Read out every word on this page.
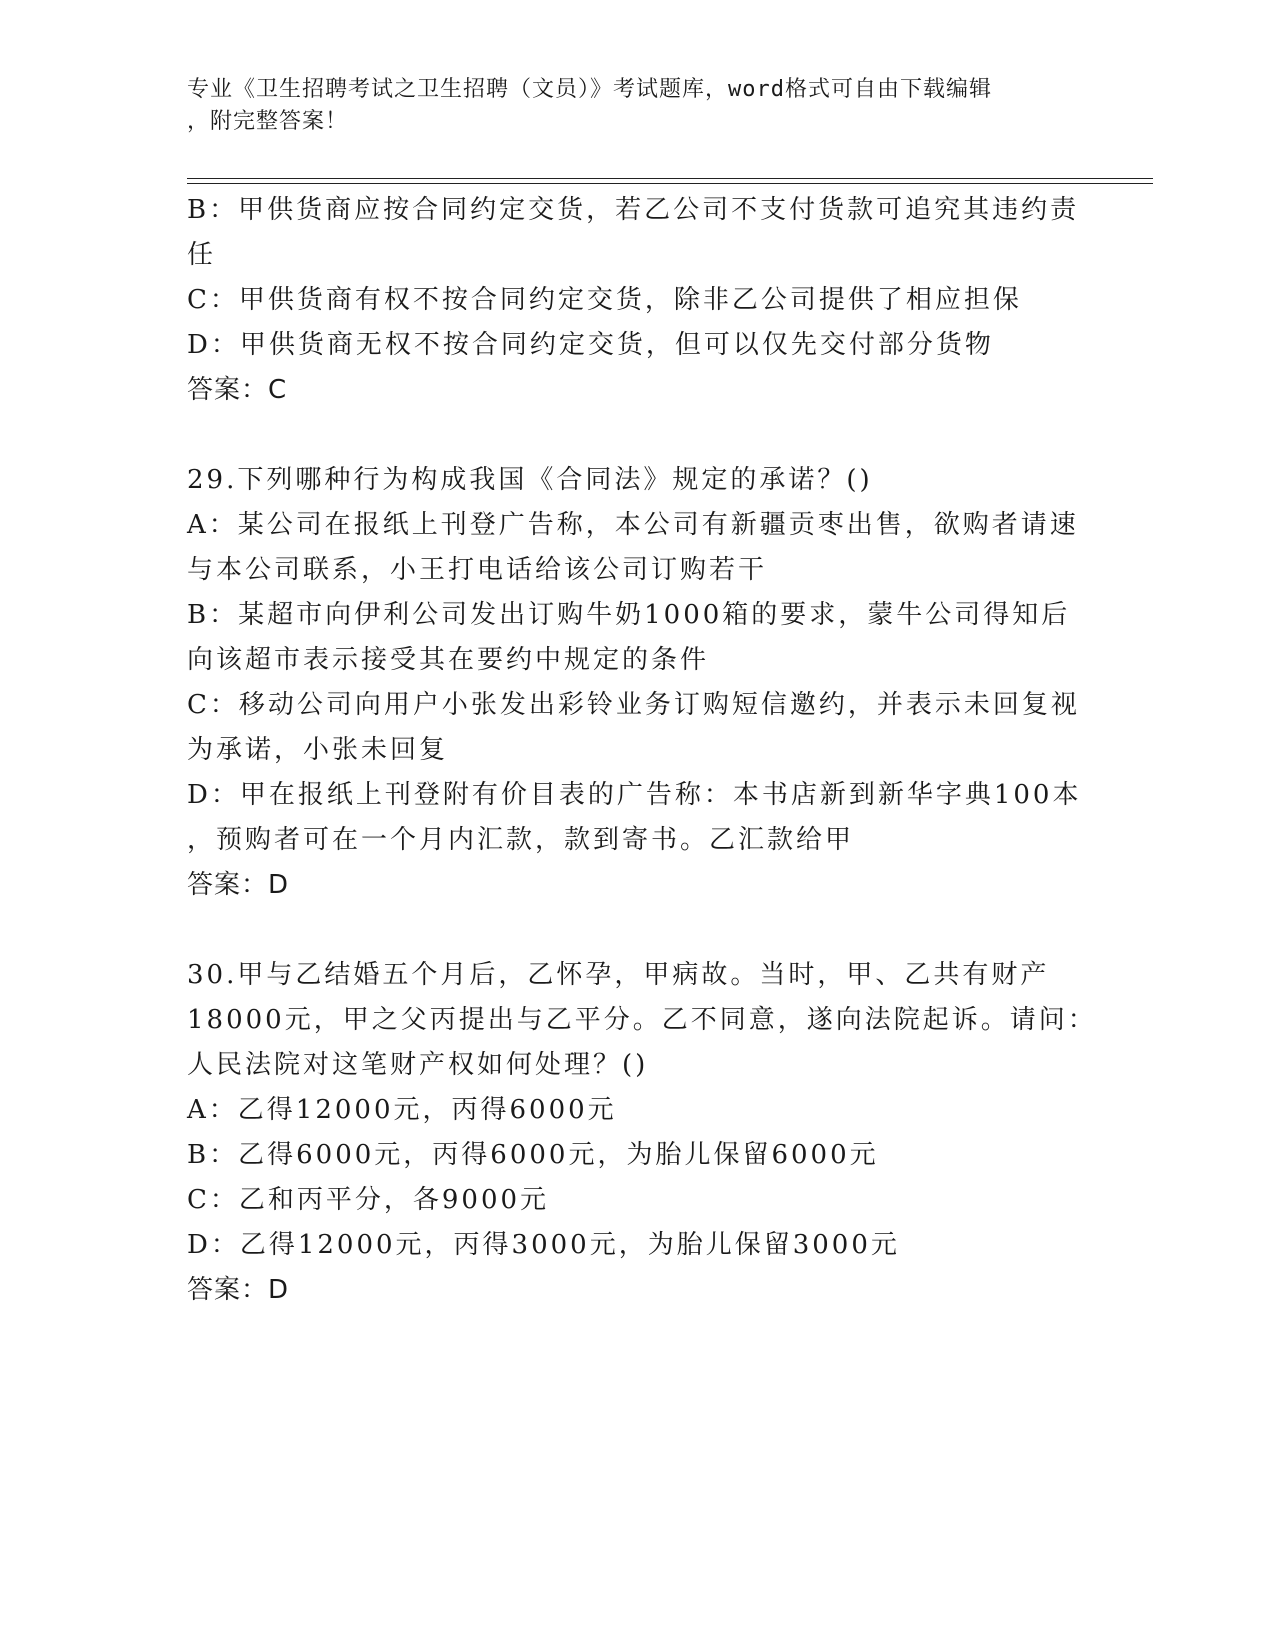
专业《卫生招聘考试之卫生招聘（文员）》考试题库，word格式可自由下载编辑
，附完整答案！
B：甲供货商应按合同约定交货，若乙公司不支付货款可追究其违约责
任
C：甲供货商有权不按合同约定交货，除非乙公司提供了相应担保
D：甲供货商无权不按合同约定交货，但可以仅先交付部分货物
答案：C
29.下列哪种行为构成我国《合同法》规定的承诺？()
A：某公司在报纸上刊登广告称，本公司有新疆贡枣出售，欲购者请速
与本公司联系，小王打电话给该公司订购若干
B：某超市向伊利公司发出订购牛奶1000箱的要求，蒙牛公司得知后
向该超市表示接受其在要约中规定的条件
C：移动公司向用户小张发出彩铃业务订购短信邀约，并表示未回复视
为承诺，小张未回复
D：甲在报纸上刊登附有价目表的广告称：本书店新到新华字典100本
，预购者可在一个月内汇款，款到寄书。乙汇款给甲
答案：D
30.甲与乙结婚五个月后，乙怀孕，甲病故。当时，甲、乙共有财产
18000元，甲之父丙提出与乙平分。乙不同意，遂向法院起诉。请问：
人民法院对这笔财产权如何处理？()
A：乙得12000元，丙得6000元
B：乙得6000元，丙得6000元，为胎儿保留6000元
C：乙和丙平分，各9000元
D：乙得12000元，丙得3000元，为胎儿保留3000元
答案：D
